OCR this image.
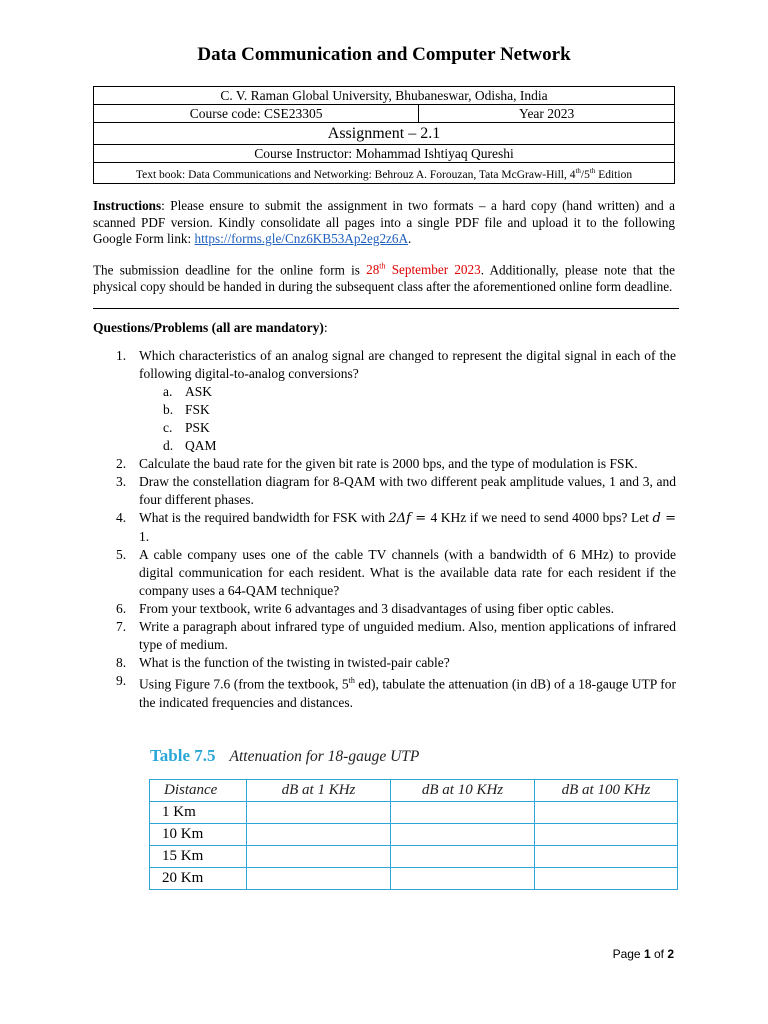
Data Communication and Computer Network
C. V. Raman Global University, Bhubaneswar, Odisha, India
Course code: CSE23305	Year 2023
Assignment – 2.1
Course Instructor: Mohammad Ishtiyaq Qureshi
Text book: Data Communications and Networking: Behrouz A. Forouzan, Tata McGraw-Hill, 4th/5th Edition
Instructions: Please ensure to submit the assignment in two formats – a hard copy (hand written) and a scanned PDF version. Kindly consolidate all pages into a single PDF file and upload it to the following Google Form link: https://forms.gle/Cnz6KB53Ap2eg2z6A.
The submission deadline for the online form is 28th September 2023. Additionally, please note that the physical copy should be handed in during the subsequent class after the aforementioned online form deadline.
Questions/Problems (all are mandatory):
1. Which characteristics of an analog signal are changed to represent the digital signal in each of the following digital-to-analog conversions?
a. ASK
b. FSK
c. PSK
d. QAM
2. Calculate the baud rate for the given bit rate is 2000 bps, and the type of modulation is FSK.
3. Draw the constellation diagram for 8-QAM with two different peak amplitude values, 1 and 3, and four different phases.
4. What is the required bandwidth for FSK with 2Δf = 4 KHz if we need to send 4000 bps? Let d = 1.
5. A cable company uses one of the cable TV channels (with a bandwidth of 6 MHz) to provide digital communication for each resident. What is the available data rate for each resident if the company uses a 64-QAM technique?
6. From your textbook, write 6 advantages and 3 disadvantages of using fiber optic cables.
7. Write a paragraph about infrared type of unguided medium. Also, mention applications of infrared type of medium.
8. What is the function of the twisting in twisted-pair cable?
9. Using Figure 7.6 (from the textbook, 5th ed), tabulate the attenuation (in dB) of a 18-gauge UTP for the indicated frequencies and distances.
Table 7.5 Attenuation for 18-gauge UTP
Distance	dB at 1 KHz	dB at 10 KHz	dB at 100 KHz
1 Km			
10 Km			
15 Km			
20 Km			
Page 1 of 2
